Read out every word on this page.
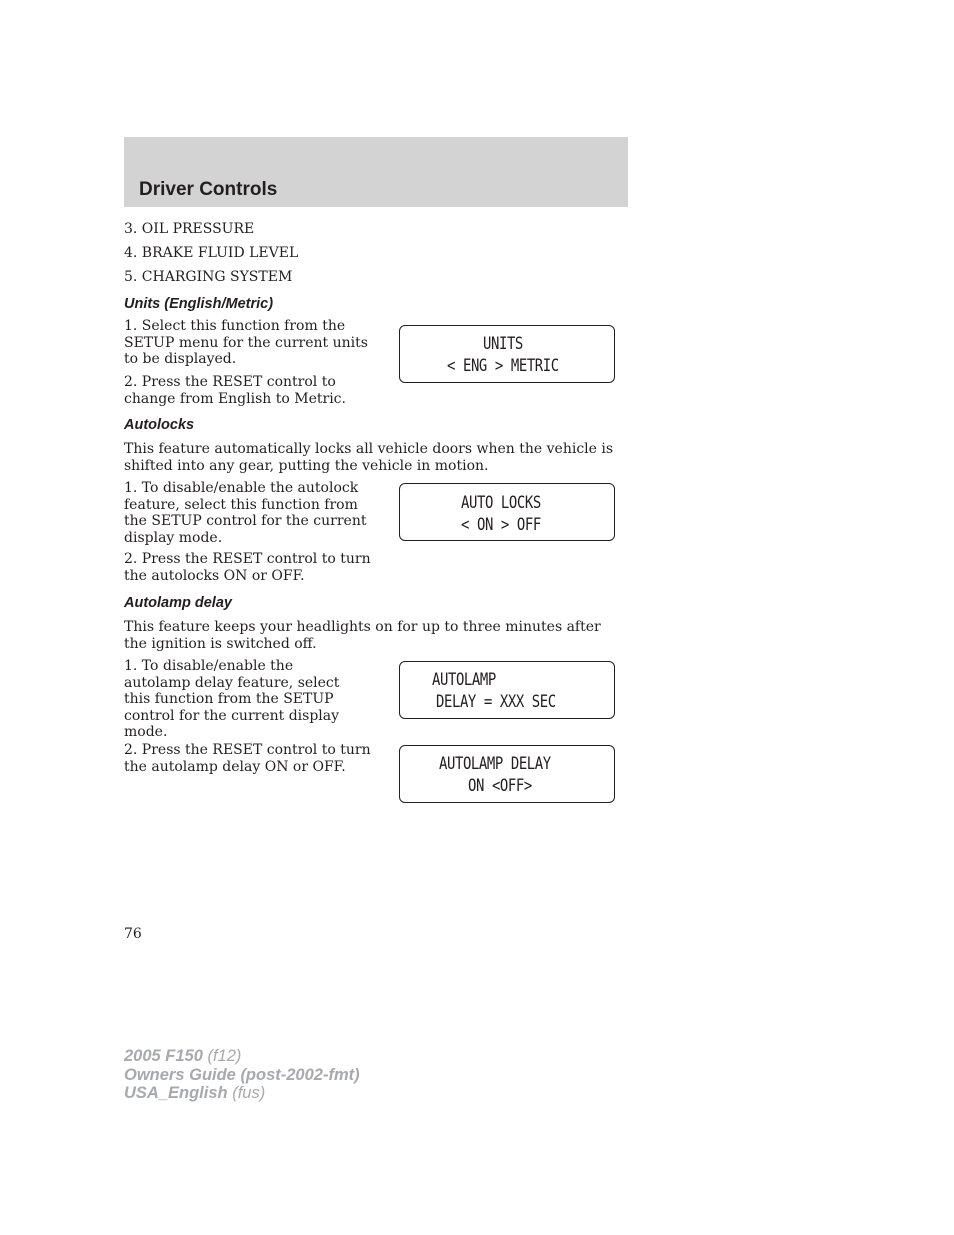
Driver Controls

3. OIL PRESSURE

4. BRAKE FLUID LEVEL

5. CHARGING SYSTEM

Units (English/Metric)

1. Select this function from the SETUP menu for the current units to be displayed.

2. Press the RESET control to change from English to Metric.

UNITS
< ENG > METRIC
Autolocks

This feature automatically locks all vehicle doors when the vehicle is shifted into any gear, putting the vehicle in motion.

1. To disable/enable the autolock feature, select this function from the SETUP control for the current display mode.

2. Press the RESET control to turn the autolocks ON or OFF.

AUTO LOCKS
< ON > OFF
Autolamp delay

This feature keeps your headlights on for up to three minutes after the ignition is switched off.

1. To disable/enable the autolamp delay feature, select this function from the SETUP control for the current display mode.

AUTOLAMP
DELAY = XXX SEC

2. Press the RESET control to turn the autolamp delay ON or OFF.	AUTOLAMP DELAY
ON <OFF>
76
2005 F150 (f12)
Owners Guide (post-2002-fmt)
USA_English (fus)
